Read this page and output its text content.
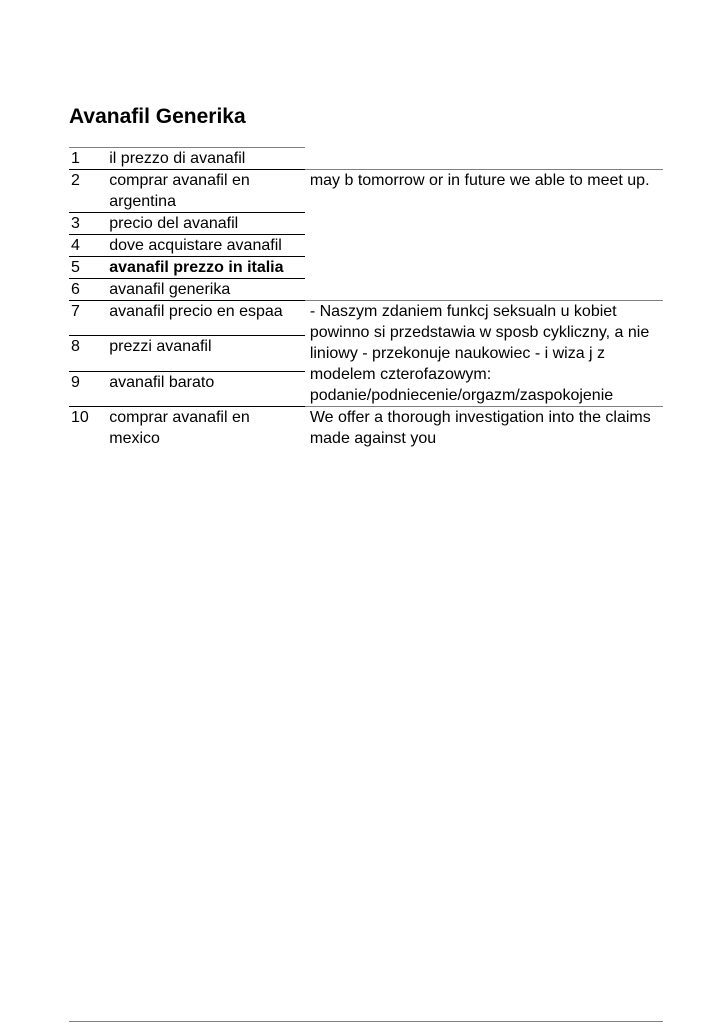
Avanafil Generika
1	il prezzo di avanafil	
2	comprar avanafil en argentina	may b tomorrow or in future we able to meet up.
3	precio del avanafil	
4	dove acquistare avanafil	
5	avanafil prezzo in italia	
6	avanafil generika	
7	avanafil precio en espaa	- Naszym zdaniem funkcj seksualn u kobiet powinno si przedstawia w sposb cykliczny, a nie liniowy - przekonuje naukowiec - i wiza j z modelem czterofazowym: podanie/podniecenie/orgazm/zaspokojenie
8	prezzi avanafil	
9	avanafil barato	
10	comprar avanafil en mexico	We offer a thorough investigation into the claims made against you
